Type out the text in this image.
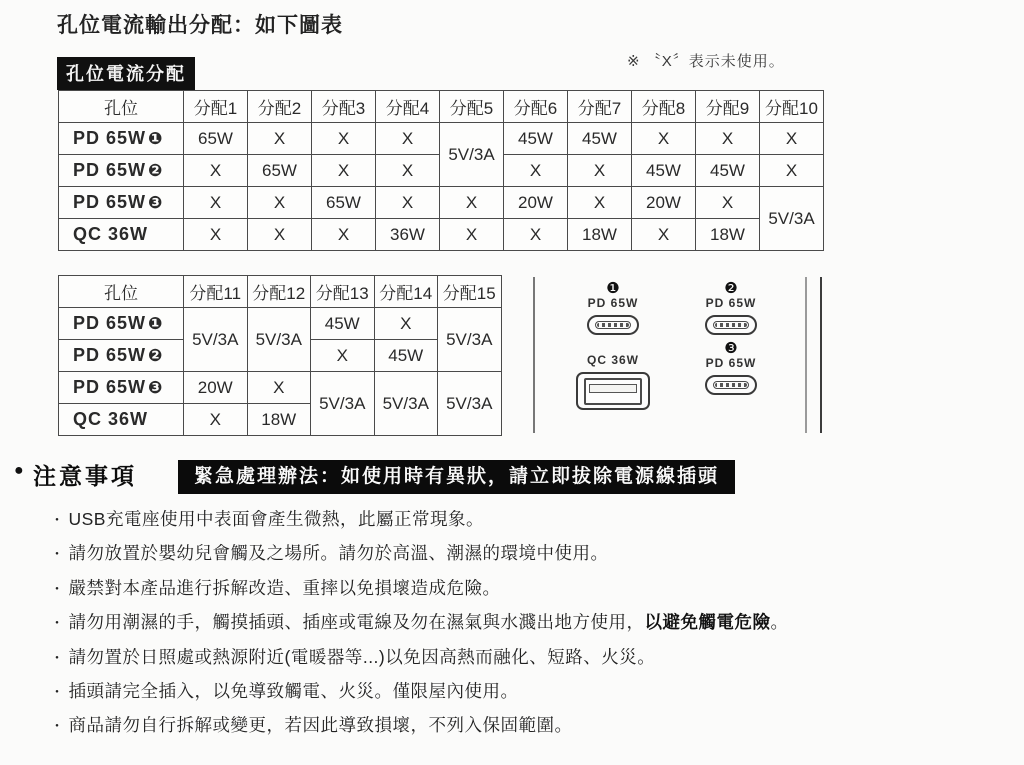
孔位電流輸出分配：如下圖表
孔位電流分配
※ 〝X〞表示未使用。
孔位	分配1	分配2	分配3	分配4	分配5	分配6	分配7	分配8	分配9	分配10
PD 65W ❶	65W	X	X	X	5V/3A	45W	45W	X	X	X
PD 65W ❷	X	65W	X	X		X	X	45W	45W	X
PD 65W ❸	X	X	65W	X	X	20W	X	20W	X	5V/3A
QC 36W	X	X	X	36W	X	X	18W	X	18W	
孔位	分配11	分配12	分配13	分配14	分配15
PD 65W ❶	5V/3A	5V/3A	45W	X	5V/3A
PD 65W ❷			X	45W	
PD 65W ❸	20W	X	5V/3A	5V/3A	5V/3A
QC 36W	X	18W			
❶
PD 65W
❷
PD 65W
QC 36W
❸
PD 65W
● 注意事項	緊急處理辦法：如使用時有異狀，請立即拔除電源線插頭
・ USB充電座使用中表面會產生微熱，此屬正常現象。
・ 請勿放置於嬰幼兒會觸及之場所。請勿於高溫、潮濕的環境中使用。
・ 嚴禁對本產品進行拆解改造、重摔以免損壞造成危險。
・ 請勿用潮濕的手，觸摸插頭、插座或電線及勿在濕氣與水濺出地方使用，以避免觸電危險。
・ 請勿置於日照處或熱源附近(電暖器等...)以免因高熱而融化、短路、火災。
・ 插頭請完全插入，以免導致觸電、火災。僅限屋內使用。
・ 商品請勿自行拆解或變更，若因此導致損壞，不列入保固範圍。
